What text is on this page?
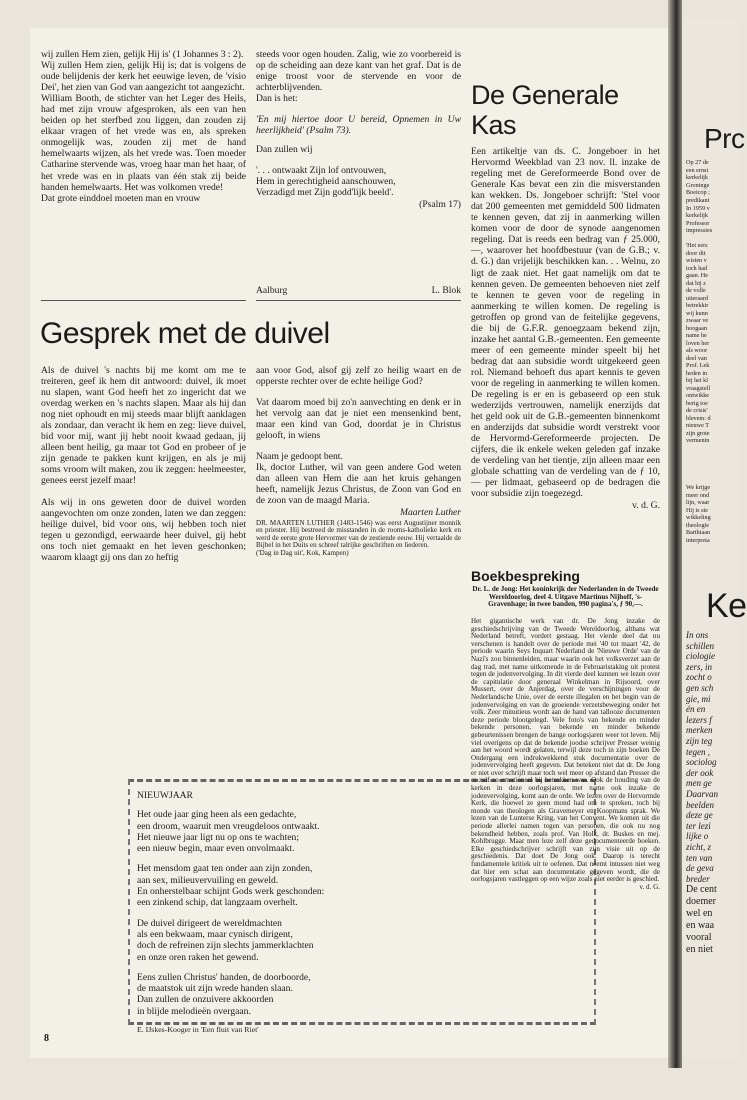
wij zullen Hem zien, gelijk Hij is' (1 Johannes 3 : 2).

Wij zullen Hem zien, gelijk Hij is; dat is volgens de oude belijdenis der kerk het eeuwige leven, de 'visio Dei', het zien van God van aangezicht tot aangezicht.

William Booth, de stichter van het Leger des Heils, had met zijn vrouw afgesproken, als een van hen beiden op het sterfbed zou liggen, dan zouden zij elkaar vragen of het vrede was en, als spreken onmogelijk was, zouden zij met de hand hemelwaarts wijzen, als het vrede was. Toen moeder Catharine stervende was, vroeg haar man het haar, of het vrede was en in plaats van één stak zij beide handen hemelwaarts. Het was volkomen vrede!

Dat grote einddoel moeten man en vrouw

steeds voor ogen houden. Zalig, wie zo voorbereid is op de scheiding aan deze kant van het graf. Dat is de enige troost voor de stervende en voor de achterblijvenden.

Dan is het:

'En mij hiertoe door U bereid, Opnemen in Uw heerlijkheid' (Psalm 73).

Dan zullen wij

'. . . ontwaakt Zijn lof ontvouwen,

Hem in gerechtigheid aanschouwen,

Verzadigd met Zijn godd'lijk beeld'.

(Psalm 17)

Aalburg	L. Blok
De Generale
Kas

Een artikeltje van ds. C. Jongeboer in het Hervormd Weekblad van 23 nov. ll. inzake de regeling met de Gereformeerde Bond over de Generale Kas bevat een zin die misverstanden kan wekken. Ds. Jongeboer schrijft: 'Stel voor dat 200 gemeenten met gemiddeld 500 lidmaten te kennen geven, dat zij in aanmerking willen komen voor de door de synode aangenomen regeling. Dat is reeds een bedrag van ƒ 25.000,—, waarover het hoofdbestuur (van de G.B.; v. d. G.) dan vrijelijk beschikken kan. . . Welnu, zo ligt de zaak niet. Het gaat namelijk om dat te kennen geven. De gemeenten behoeven niet zelf te kennen te geven voor de regeling in aanmerking te willen komen. De regeling is getroffen op grond van de feitelijke gegevens, die bij de G.F.R. genoegzaam bekend zijn, inzake het aantal G.B.-gemeenten. Een gemeente meer of een gemeente minder speelt bij het bedrag dat aan subsidie wordt uitgekeerd geen rol. Niemand behoeft dus apart kennis te geven voor de regeling in aanmerking te willen komen. De regeling is er en is gebaseerd op een stuk wederzijds vertrouwen, namelijk enerzijds dat het geld ook uit de G.B.-gemeenten binnenkomt en anderzijds dat subsidie wordt verstrekt voor de Hervormd-Gereformeerde projecten. De cijfers, die ik enkele weken geleden gaf inzake de verdeling van het tientje, zijn alleen maar een globale schatting van de verdeling van de ƒ 10,— per lidmaat, gebaseerd op de bedragen die voor subsidie zijn toegezegd.

v. d. G.

Gesprek met de duivel

Als de duivel 's nachts bij me komt om me te treiteren, geef ik hem dit antwoord: duivel, ik moet nu slapen, want God heeft het zo ingericht dat we overdag werken en 's nachts slapen. Maar als hij dan nog niet ophoudt en mij steeds maar blijft aanklagen als zondaar, dan veracht ik hem en zeg: lieve duivel, bid voor mij, want jij hebt nooit kwaad gedaan, jij alleen bent heilig, ga maar tot God en probeer of je zijn genade te pakken kunt krijgen, en als je mij soms vroom wilt maken, zou ik zeggen: heelmeester, genees eerst jezelf maar!

Als wij in ons geweten door de duivel worden aangevochten om onze zonden, laten we dan zeggen: heilige duivel, bid voor ons, wij hebben toch niet tegen u gezondigd, eerwaarde heer duivel, gij hebt ons toch niet gemaakt en het leven geschonken; waarom klaagt gij ons dan zo heftig

aan voor God, alsof gij zelf zo heilig waart en de opperste rechter over de echte heilige God?

Vat daarom moed bij zo'n aanvechting en denk er in het vervolg aan dat je niet een mensenkind bent, maar een kind van God, doordat je in Christus gelooft, in wiens

Naam je gedoopt bent.

Ik, doctor Luther, wil van geen andere God weten dan alleen van Hem die aan het kruis gehangen heeft, namelijk Jezus Christus, de Zoon van God en de zoon van de maagd Maria.

Maarten Luther

DR. MAARTEN LUTHER (1483-1546) was eerst Augustijner monnik en priester. Hij bestreed de misstanden in de rooms-katholieke kerk en werd de eerste grote Hervormer van de zestiende eeuw. Hij vertaalde de Bijbel in het Duits en schreef talrijke geschriften en liederen.

('Dag in Dag uit', Kok, Kampen)

NIEUWJAAR
Het oude jaar ging heen als een gedachte,
een droom, waaruit men vreugdeloos ontwaakt.
Het nieuwe jaar ligt nu op ons te wachten;
een nieuw begin, maar even onvolmaakt.
Het mensdom gaat ten onder aan zijn zonden,
aan sex, milieuvervuiling en geweld.
En onherstelbaar schijnt Gods werk geschonden:
een zinkend schip, dat langzaam overhelt.
De duivel dirigeert de wereldmachten
als een bekwaam, maar cynisch dirigent,
doch de refreinen zijn slechts jammerklachten
en onze oren raken het gewend.
Eens zullen Christus' handen, de doorboorde,
de maatstok uit zijn wrede handen slaan.
Dan zullen de onzuivere akkoorden
in blijde melodieën overgaan.
E. IJskes-Kooger in 'Een fluit van Riet'
Boekbespreking
Dr. L. de Jong: Het koninkrijk der Nederlanden in de Tweede Wereldoorlog, deel 4. Uitgave Martinus Nijhoff, 's-Gravenhage; in twee banden, 990 pagina's, ƒ 90,—.

Het gigantische werk van dr. De Jong inzake de geschiedschrijving van de Tweede Wereldoorlog, althans wat Nederland betreft, vordert gestaag. Het vierde deel dat nu verschenen is handelt over de periode mei '40 tot maart '42, de periode waarin Seys Inquart Nederland de 'Nieuwe Orde' van de Nazi's zou binnenleiden, maar waarin ook het volksverzet aan de dag trad, met name uitkomende in de Februaristaking uit protest tegen de jodenvervolging. In dit vierde deel kunnen we lezen over de capitulatie door generaal Winkelman in Rijsoord, over Mussert, over de Anjerdag, over de verschijningen voor de Nederlandsche Unie, over de eerste illegalen en het begin van de jodenvervolging en van de groeiende verzetsbeweging onder het volk. Zeer minutieus wordt aan de hand van tallooze documenten deze periode blootgelegd. Vele foto's van bekende en minder bekende personen, van bekende en minder bekende gebeurtenissen brengen de bange oorlogsjaren weer tot leven. Mij viel overigens op dat de bekende joodse schrijver Presser weinig aan het woord wordt gelaten, terwijl deze toch in zijn boeken De Ondergang een indrukwekkend stuk documentatie over de jodenvervolging heeft gegeven. Dat betekent niet dat dr. De Jong er niet over schrijft maar toch wel meer op afstand dan Presser die er zelf zo emotioneel bij betrokken was. Ook de houding van de kerken in deze oorlogsjaren, met name ook inzake de jodenvervolging, komt aan de orde. We lezen over de Hervormde Kerk, die hoewel ze geen mond had om te spreken, toch bij monde van theologen als Gravemeyer en Koopmans sprak. We lezen van de Lunterse Kring, van het Convent. We komen uit die periode allerlei namen tegen van personen, die ook nu nog bekendheid hebben, zoals prof. Van Holk, dr. Buskes en mej. Kohlbrugge. Maar men leze zelf deze gedocumenteerde boeken. Elke geschiedschrijver schrijft van zijn visie uit op de geschiedenis. Dat doet De Jong ook. Daarop is terecht fundamentele kritiek uit te oefenen. Dat neemt intussen niet weg dat hier een schat aan documentatie gegeven wordt, die de oorlogsjaren vastleggen op een wijze zoals niet eerder is geschied.

v. d. G.

8
Prc
Op 27 de
een ernst
kerkelijk
Groninge
Boeicop ;
predikant
In 1959 v
kerkelijk
Professor
impressies
'Het eers
door dit
wisten v
toch had
gaan. He
dat hij z
de volle
uiteraard
betrekkir
wij kunn
zwaar ve
hoogaan
name he
loven her
als woor
deel van
Prof. Lek
heden in
bij het kl
vraagstell
ontwikke
berig toe
de crisis'
blevem: d
nieuwe T
zijn grote
vermenin
We krijge
meer ond
lijn, waar
Hij is ste
wikkeling
theologie
Barthiaan
interpreta
Ke
In ons
schillen
ciologie
zers, in
zocht o
gen sch
gie, mi
én en
lezers f
merken
zijn teg
tegen ,
sociolog
der ook
men ge
Daarvan
beelden
deze ge
ter lezi
lijke o
zicht, z
ten van
de geva
breder
De cent
doemer
wel en
en waa
vooral
en niet
